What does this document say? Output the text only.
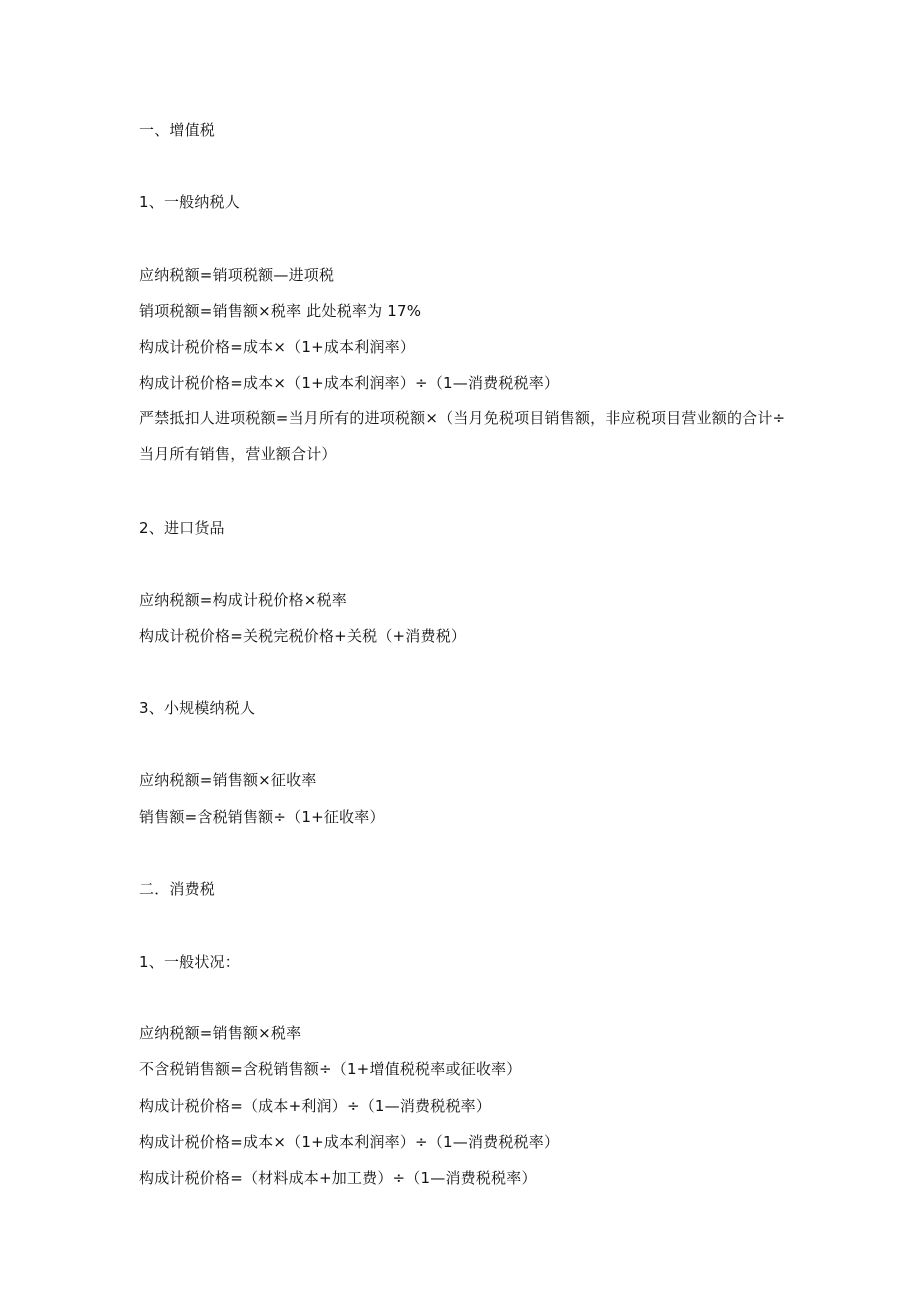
一、增值税
1、一般纳税人
应纳税额=销项税额—进项税
销项税额=销售额×税率 此处税率为 17%
构成计税价格=成本×（1+成本利润率）
构成计税价格=成本×（1+成本利润率）÷（1—消费税税率）
严禁抵扣人进项税额=当月所有的进项税额×（当月免税项目销售额，非应税项目营业额的合计÷当月所有销售，营业额合计）
2、进口货品
应纳税额=构成计税价格×税率
构成计税价格=关税完税价格+关税（+消费税）
3、小规模纳税人
应纳税额=销售额×征收率
销售额=含税销售额÷（1+征收率）
二．消费税
1、一般状况：
应纳税额=销售额×税率
不含税销售额=含税销售额÷（1+增值税税率或征收率）
构成计税价格=（成本+利润）÷（1—消费税税率）
构成计税价格=成本×（1+成本利润率）÷（1—消费税税率）
构成计税价格=（材料成本+加工费）÷（1—消费税税率）
